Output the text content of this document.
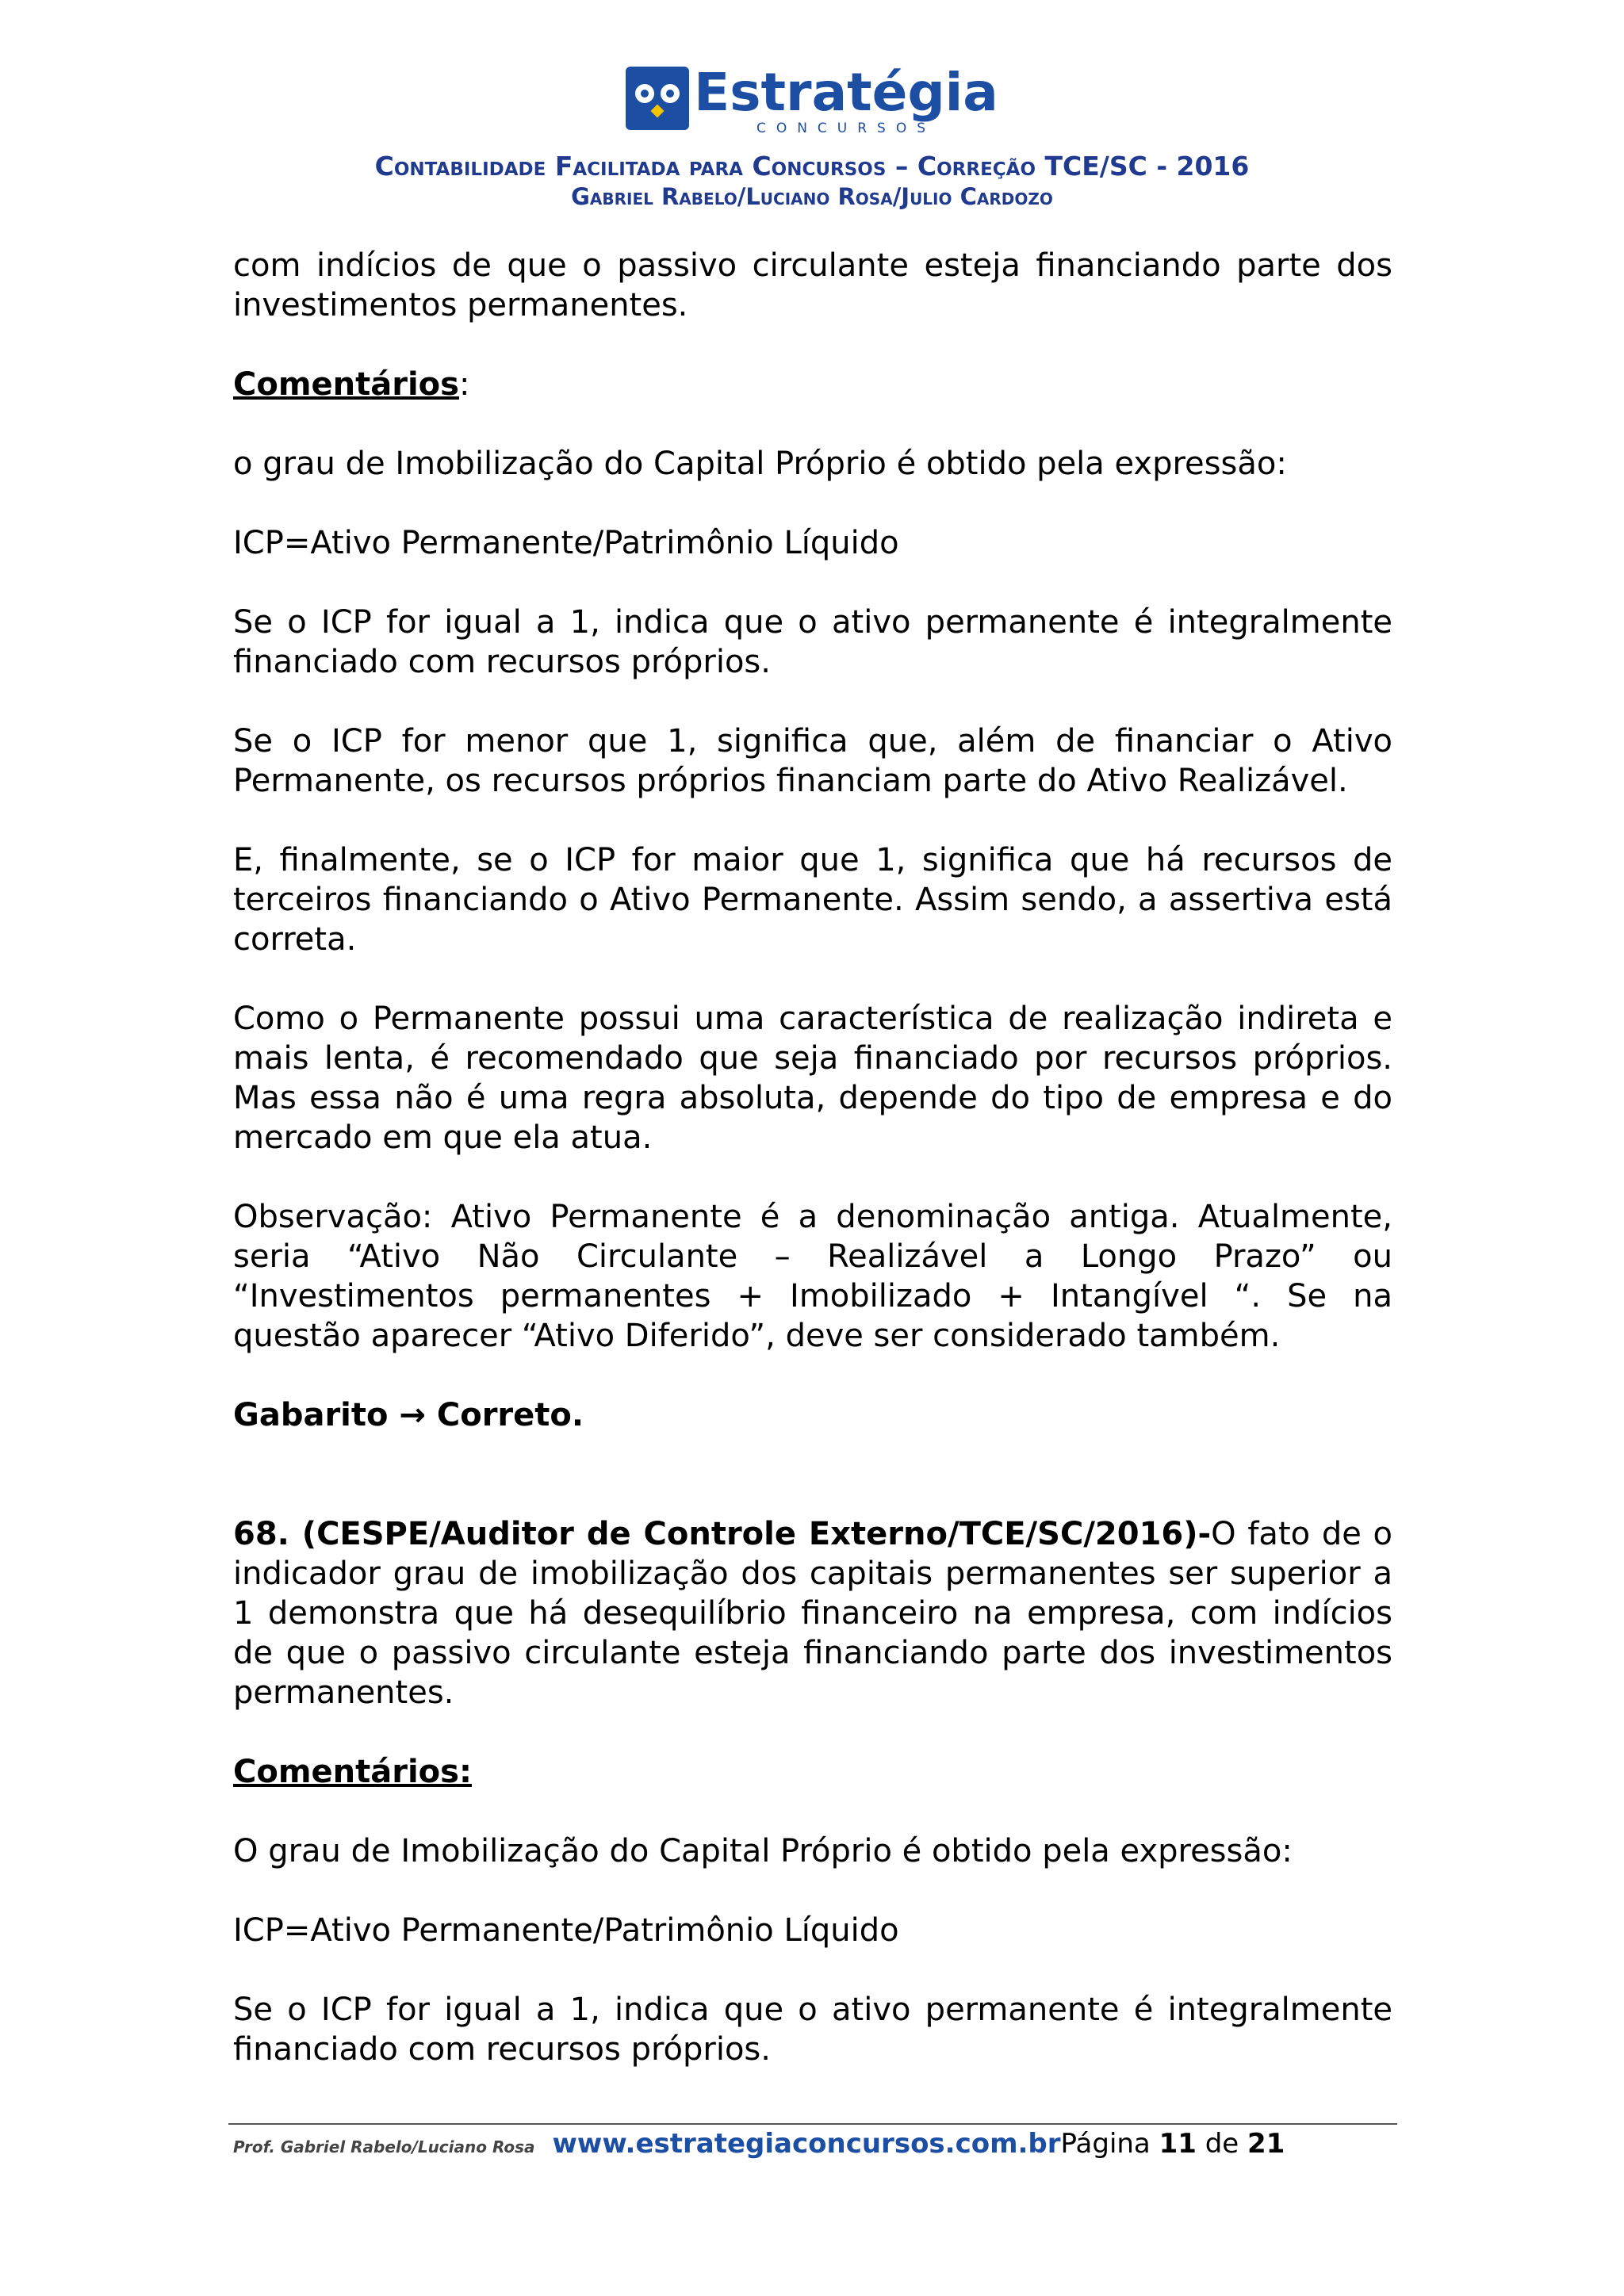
Estratégia
CONCURSOS
Contabilidade Facilitada para Concursos – Correção TCE/SC - 2016
Gabriel Rabelo/Luciano Rosa/Julio Cardozo

com indícios de que o passivo circulante esteja financiando parte dos investimentos permanentes.

Comentários:

o grau de Imobilização do Capital Próprio é obtido pela expressão:

ICP=Ativo Permanente/Patrimônio Líquido

Se o ICP for igual a 1, indica que o ativo permanente é integralmente financiado com recursos próprios.

Se o ICP for menor que 1, significa que, além de financiar o Ativo Permanente, os recursos próprios financiam parte do Ativo Realizável.

E, finalmente, se o ICP for maior que 1, significa que há recursos de terceiros financiando o Ativo Permanente. Assim sendo, a assertiva está correta.

Como o Permanente possui uma característica de realização indireta e mais lenta, é recomendado que seja financiado por recursos próprios. Mas essa não é uma regra absoluta, depende do tipo de empresa e do mercado em que ela atua.

Observação: Ativo Permanente é a denominação antiga. Atualmente, seria “Ativo Não Circulante – Realizável a Longo Prazo” ou “Investimentos permanentes + Imobilizado + Intangível “. Se na questão aparecer “Ativo Diferido”, deve ser considerado também.

Gabarito → Correto.

68. (CESPE/Auditor de Controle Externo/TCE/SC/2016)-O fato de o indicador grau de imobilização dos capitais permanentes ser superior a 1 demonstra que há desequilíbrio financeiro na empresa, com indícios de que o passivo circulante esteja financiando parte dos investimentos permanentes.

Comentários:

O grau de Imobilização do Capital Próprio é obtido pela expressão:

ICP=Ativo Permanente/Patrimônio Líquido

Se o ICP for igual a 1, indica que o ativo permanente é integralmente financiado com recursos próprios.

Prof. Gabriel Rabelo/Luciano Rosa www.estrategiaconcursos.com.br Página 11 de 21
